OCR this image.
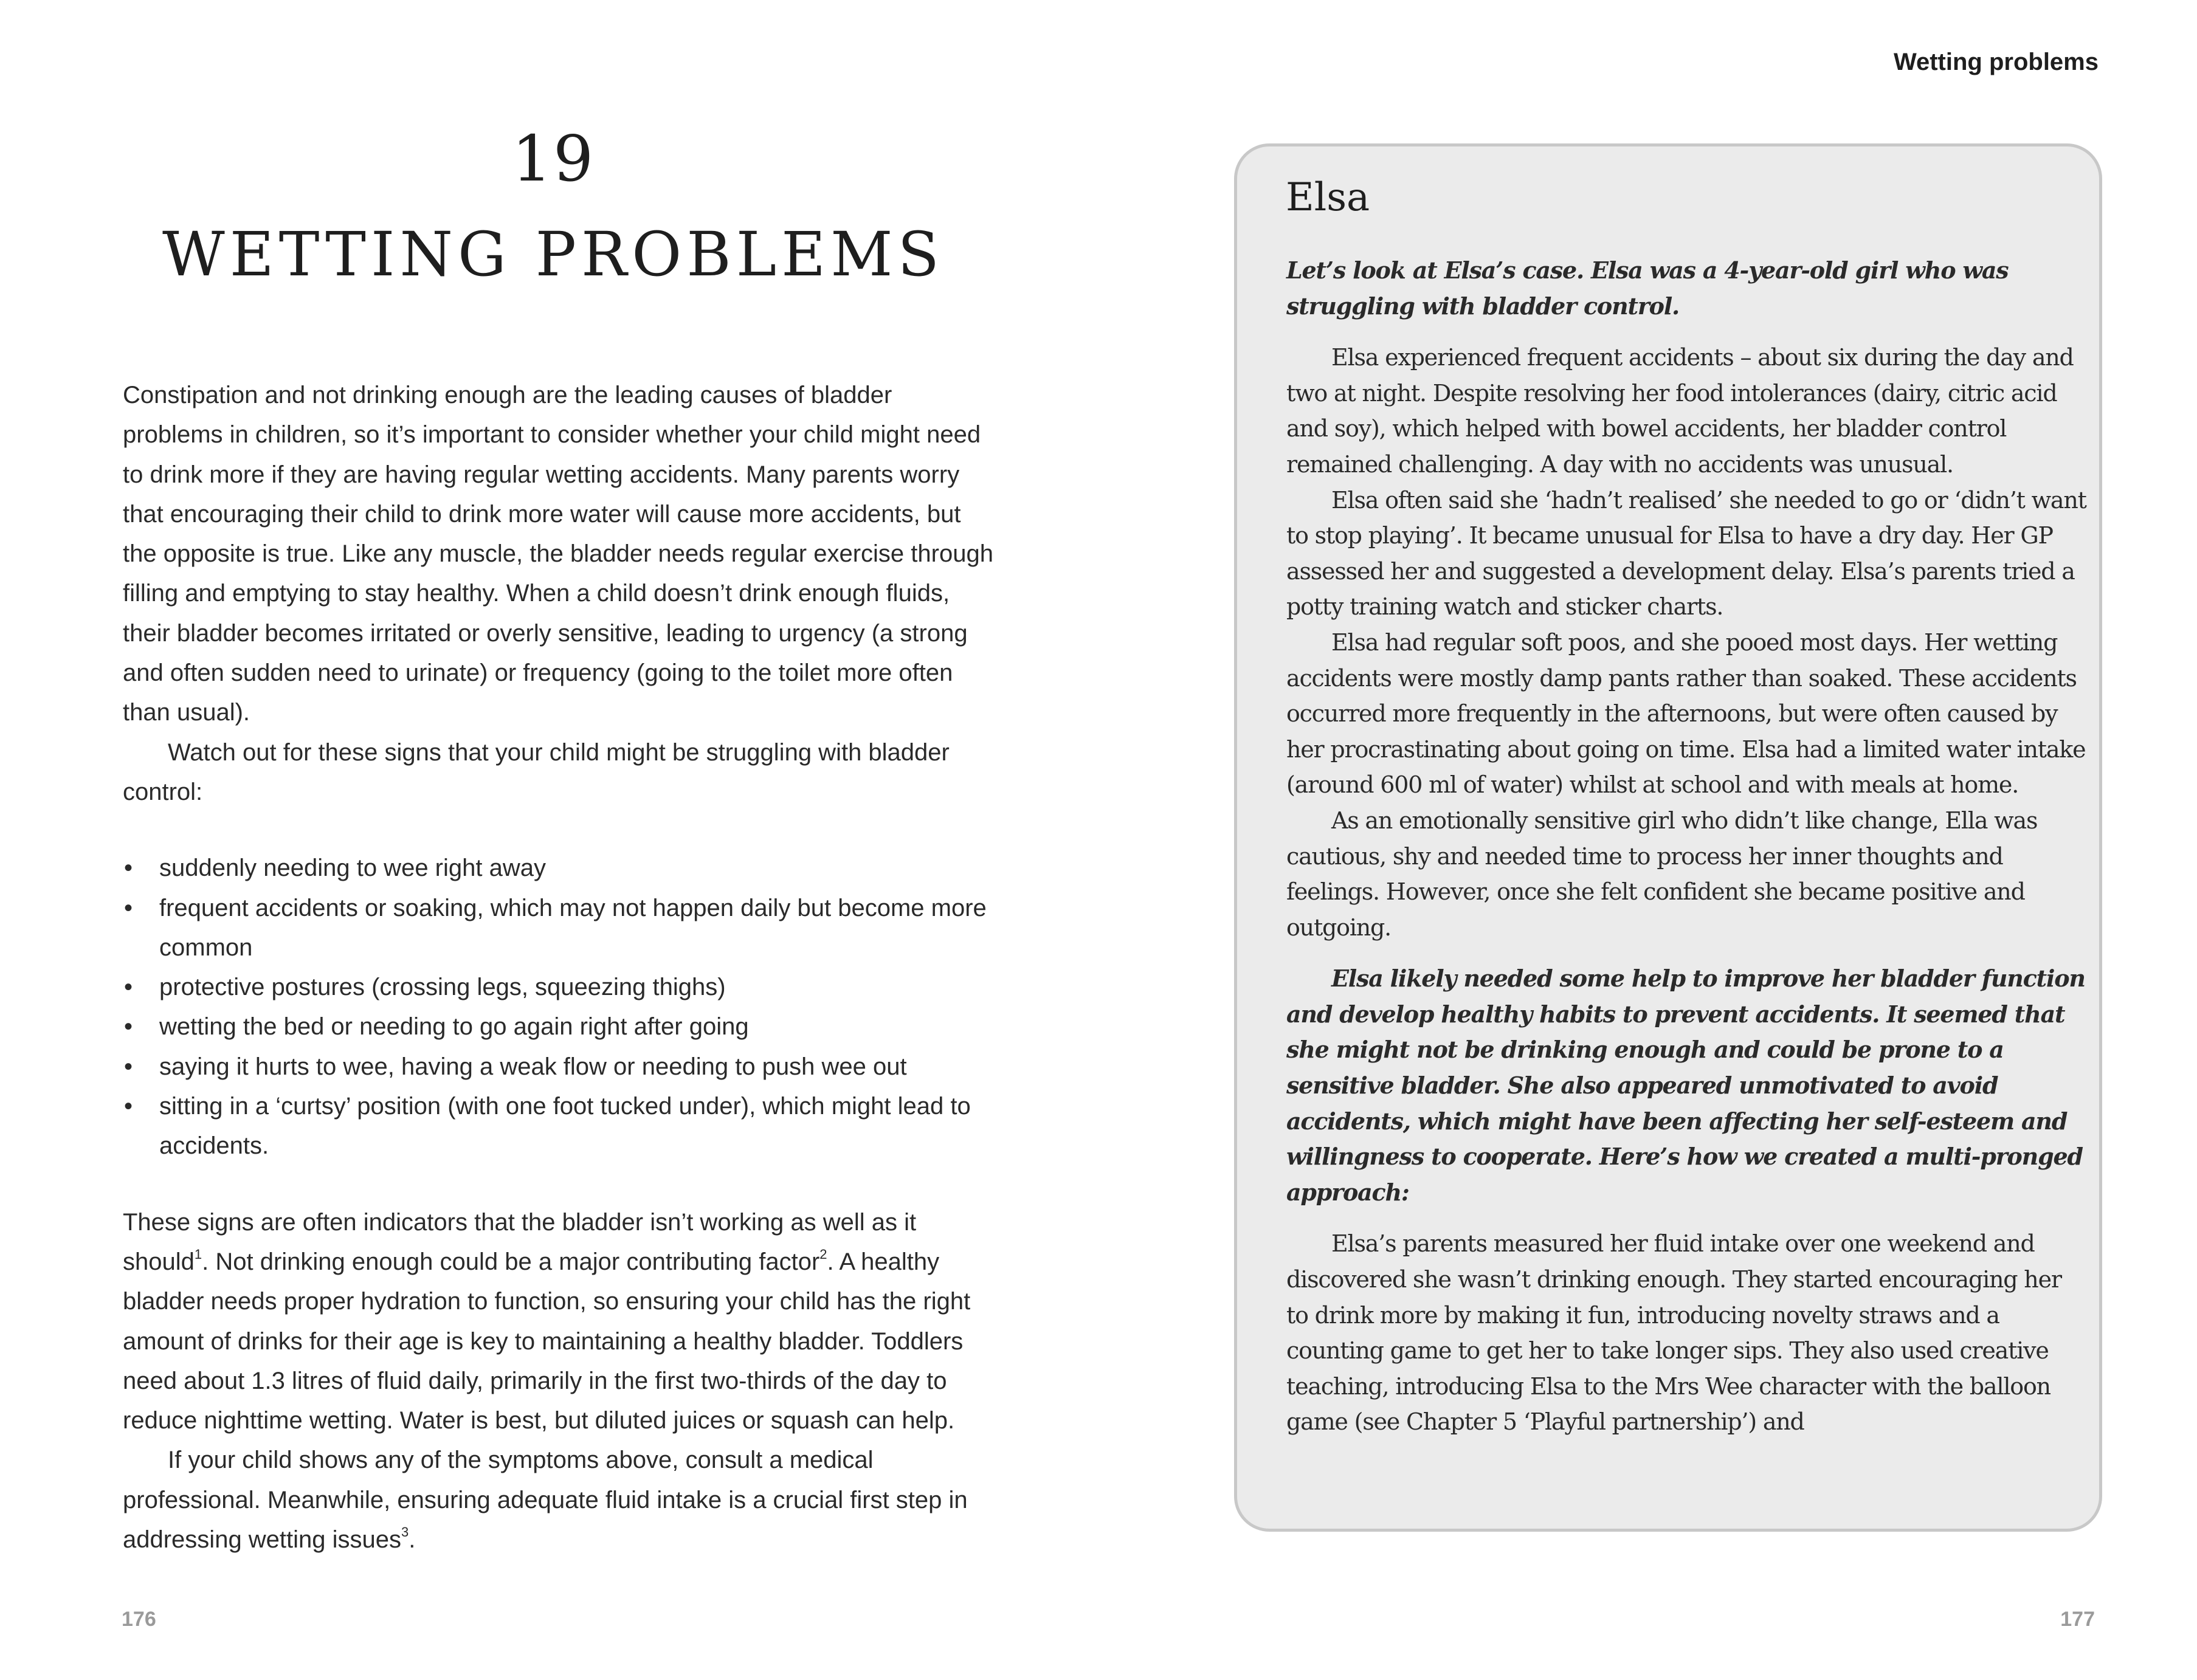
19
WETTING PROBLEMS

Constipation and not drinking enough are the leading causes of bladder problems in children, so it’s important to consider whether your child might need to drink more if they are having regular wetting accidents. Many parents worry that encouraging their child to drink more water will cause more accidents, but the opposite is true. Like any muscle, the bladder needs regular exercise through filling and emptying to stay healthy. When a child doesn’t drink enough fluids, their bladder becomes irritated or overly sensitive, leading to urgency (a strong and often sudden need to urinate) or frequency (going to the toilet more often than usual).

Watch out for these signs that your child might be struggling with bladder control:

• suddenly needing to wee right away
• frequent accidents or soaking, which may not happen daily but become more common
• protective postures (crossing legs, squeezing thighs)
• wetting the bed or needing to go again right after going
• saying it hurts to wee, having a weak flow or needing to push wee out
• sitting in a ‘curtsy’ position (with one foot tucked under), which might lead to accidents.

These signs are often indicators that the bladder isn’t working as well as it should$^1$. Not drinking enough could be a major contributing factor$^2$. A healthy bladder needs proper hydration to function, so ensuring your child has the right amount of drinks for their age is key to maintaining a healthy bladder. Toddlers need about 1.3 litres of fluid daily, primarily in the first two-thirds of the day to reduce nighttime wetting. Water is best, but diluted juices or squash can help.

If your child shows any of the symptoms above, consult a medical professional. Meanwhile, ensuring adequate fluid intake is a crucial first step in addressing wetting issues$^3$.

176
Wetting problems
Elsa

Let’s look at Elsa’s case. Elsa was a 4-year-old girl who was struggling with bladder control.

Elsa experienced frequent accidents – about six during the day and two at night. Despite resolving her food intolerances (dairy, citric acid and soy), which helped with bowel accidents, her bladder control remained challenging. A day with no accidents was unusual.

Elsa often said she ‘hadn’t realised’ she needed to go or ‘didn’t want to stop playing’. It became unusual for Elsa to have a dry day. Her GP assessed her and suggested a development delay. Elsa’s parents tried a potty training watch and sticker charts.

Elsa had regular soft poos, and she pooed most days. Her wetting accidents were mostly damp pants rather than soaked. These accidents occurred more frequently in the afternoons, but were often caused by her procrastinating about going on time. Elsa had a limited water intake (around 600 ml of water) whilst at school and with meals at home.

As an emotionally sensitive girl who didn’t like change, Ella was cautious, shy and needed time to process her inner thoughts and feelings. However, once she felt confident she became positive and outgoing.

Elsa likely needed some help to improve her bladder function and develop healthy habits to prevent accidents. It seemed that she might not be drinking enough and could be prone to a sensitive bladder. She also appeared unmotivated to avoid accidents, which might have been affecting her self-esteem and willingness to cooperate. Here’s how we created a multi-pronged approach:

Elsa’s parents measured her fluid intake over one weekend and discovered she wasn’t drinking enough. They started encouraging her to drink more by making it fun, introducing novelty straws and a counting game to get her to take longer sips. They also used creative teaching, introducing Elsa to the Mrs Wee character with the balloon game (see Chapter 5 ‘Playful partnership’) and

177
